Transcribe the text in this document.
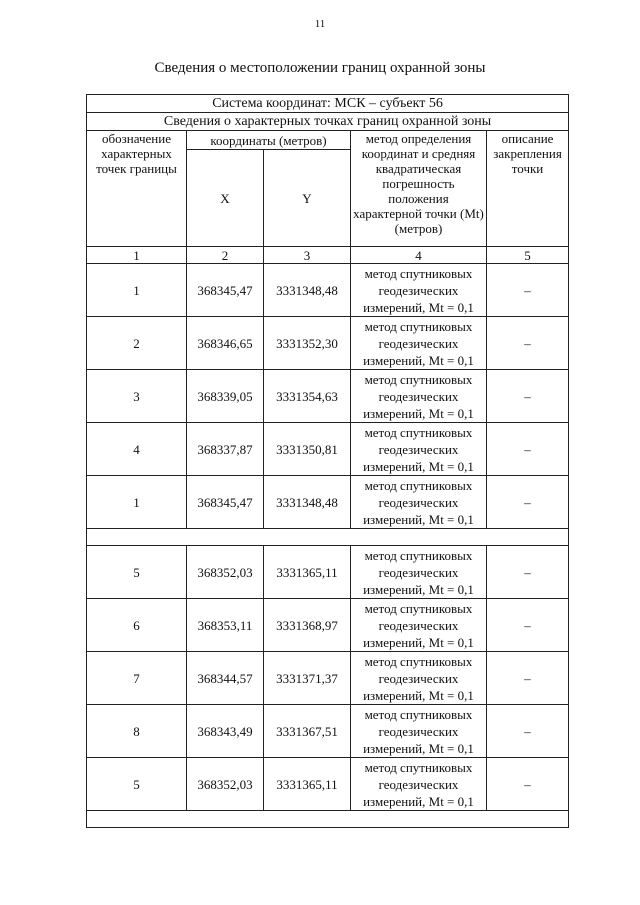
11
Сведения о местоположении границ охранной зоны
Система координат: МСК – субъект 56				
Сведения о характерных точках границ охранной зоны				
обозначение характерных точек границы	координаты (метров)		метод определения координат и средняя квадратическая погрешность положения характерной точки (Mt) (метров)	описание закрепления точки
	X	Y		
1	2	3	4	5
1	368345,47	3331348,48	метод спутниковых геодезических измерений, Mt = 0,1	–
2	368346,65	3331352,30	метод спутниковых геодезических измерений, Mt = 0,1	–
3	368339,05	3331354,63	метод спутниковых геодезических измерений, Mt = 0,1	–
4	368337,87	3331350,81	метод спутниковых геодезических измерений, Mt = 0,1	–
1	368345,47	3331348,48	метод спутниковых геодезических измерений, Mt = 0,1	–

5	368352,03	3331365,11	метод спутниковых геодезических измерений, Mt = 0,1	–
6	368353,11	3331368,97	метод спутниковых геодезических измерений, Mt = 0,1	–
7	368344,57	3331371,37	метод спутниковых геодезических измерений, Mt = 0,1	–
8	368343,49	3331367,51	метод спутниковых геодезических измерений, Mt = 0,1	–
5	368352,03	3331365,11	метод спутниковых геодезических измерений, Mt = 0,1	–
